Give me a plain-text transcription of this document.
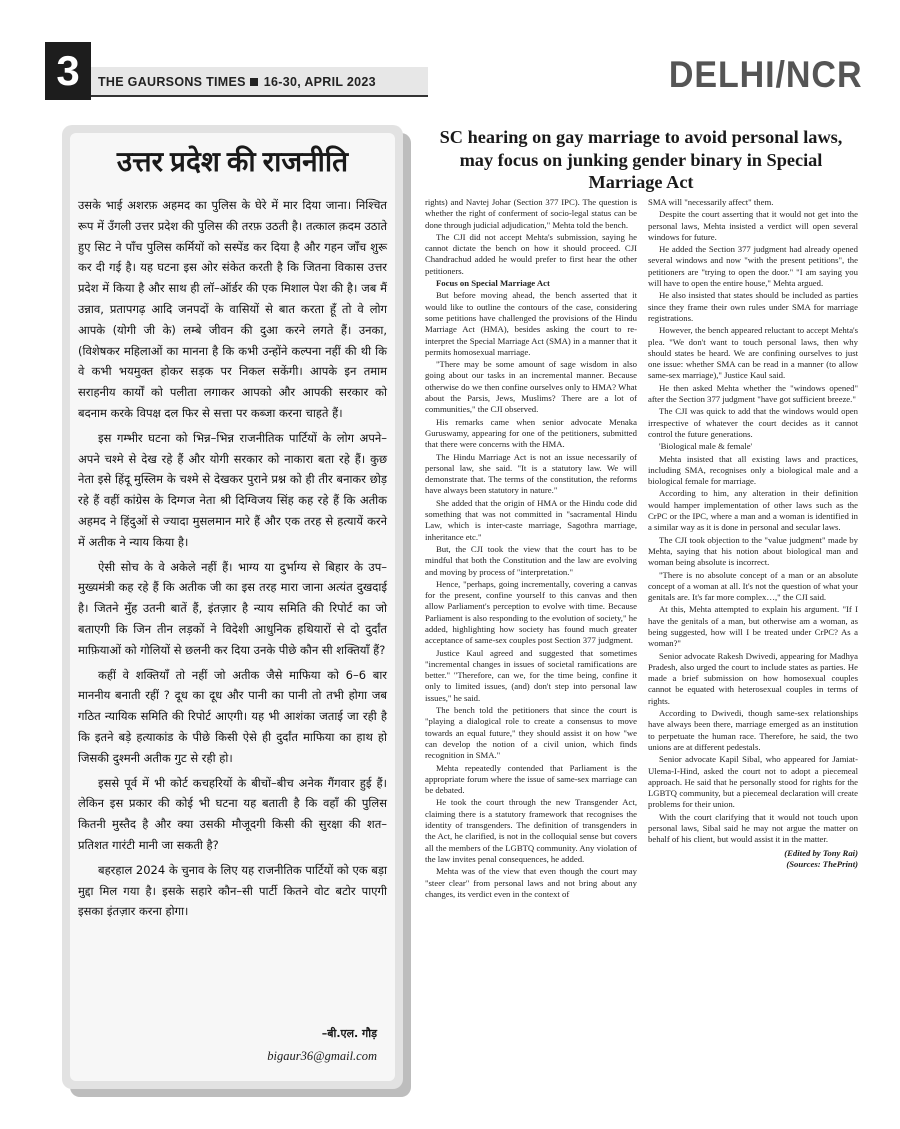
3	THE GAURSONS TIMES 16-30, APRIL 2023	DELHI/NCR
उत्तर प्रदेश की राजनीति

उसके भाई अशरफ़ अहमद का पुलिस के घेरे में मार दिया जाना। निश्चित रूप में उँगली उत्तर प्रदेश की पुलिस की तरफ़ उठती है। तत्काल क़दम उठाते हुए सिट ने पाँच पुलिस कर्मियों को सस्पेंड कर दिया है और गहन जाँच शुरू कर दी गई है। यह घटना इस ओर संकेत करती है कि जितना विकास उत्तर प्रदेश में किया है और साथ ही लॉ–ऑर्डर की एक मिशाल पेश की है। जब मैं उन्नाव, प्रतापगढ़ आदि जनपदों के वासियों से बात करता हूँ तो वे लोग आपके (योगी जी के) लम्बे जीवन की दुआ करने लगते हैं। उनका, (विशेषकर महिलाओं का मानना है कि कभी उन्होंने कल्पना नहीं की थी कि वे कभी भयमुक्त होकर सड़क पर निकल सकेंगी। आपके इन तमाम सराहनीय कार्यों को पलीता लगाकर आपको और आपकी सरकार को बदनाम करके विपक्ष दल फिर से सत्ता पर कब्जा करना चाहते हैं।

इस गम्भीर घटना को भिन्न–भिन्न राजनीतिक पार्टियों के लोग अपने–अपने चश्मे से देख रहे हैं और योगी सरकार को नाकारा बता रहे हैं। कुछ नेता इसे हिंदू मुस्लिम के चश्मे से देखकर पुराने प्रश्न को ही तीर बनाकर छोड़ रहे हैं वहीं कांग्रेस के दिग्गज नेता श्री दिग्विजय सिंह कह रहे हैं कि अतीक अहमद ने हिंदुओं से ज्यादा मुसलमान मारे हैं और एक तरह से हत्यायें करने में अतीक ने न्याय किया है।

ऐसी सोच के वे अकेले नहीं हैं। भाग्य या दुर्भाग्य से बिहार के उप–मुख्यमंत्री कह रहे हैं कि अतीक जी का इस तरह मारा जाना अत्यंत दुखदाई है। जितने मुँह उतनी बातें हैं, इंतज़ार है न्याय समिति की रिपोर्ट का जो बताएगी कि जिन तीन लड़कों ने विदेशी आधुनिक हथियारों से दो दुर्दांत माफ़ियाओं को गोलियों से छलनी कर दिया उनके पीछे कौन सी शक्तियाँ हैं?

कहीं वे शक्तियाँ तो नहीं जो अतीक जैसे माफिया को 6–6 बार माननीय बनाती रहीं ? दूध का दूध और पानी का पानी तो तभी होगा जब गठित न्यायिक समिति की रिपोर्ट आएगी। यह भी आशंका जताई जा रही है कि इतने बड़े हत्याकांड के पीछे किसी ऐसे ही दुर्दांत माफिया का हाथ हो जिसकी दुश्मनी अतीक गुट से रही हो।

इससे पूर्व में भी कोर्ट कचहरियों के बीचों–बीच अनेक गैंगवार हुई हैं। लेकिन इस प्रकार की कोई भी घटना यह बताती है कि वहाँ की पुलिस कितनी मुस्तैद है और क्या उसकी मौजूदगी किसी की सुरक्षा की शत–प्रतिशत गारंटी मानी जा सकती है?

बहरहाल 2024 के चुनाव के लिए यह राजनीतिक पार्टियों को एक बड़ा मुद्दा मिल गया है। इसके सहारे कौन–सी पार्टी कितने वोट बटोर पाएगी इसका इंतज़ार करना होगा।

–बी.एल. गौड़
bigaur36@gmail.com
SC hearing on gay marriage to avoid personal laws, may focus on junking gender binary in Special Marriage Act

rights) and Navtej Johar (Section 377 IPC). The question is whether the right of conferment of socio-legal status can be done through judicial adjudication," Mehta told the bench.

The CJI did not accept Mehta's submission, saying he cannot dictate the bench on how it should proceed. CJI Chandrachud added he would prefer to first hear the other petitioners.

Focus on Special Marriage Act

But before moving ahead, the bench asserted that it would like to outline the contours of the case, considering some petitions have challenged the provisions of the Hindu Marriage Act (HMA), besides asking the court to re-interpret the Special Marriage Act (SMA) in a manner that it permits homosexual marriage.

"There may be some amount of sage wisdom in also going about our tasks in an incremental manner. Because otherwise do we then confine ourselves only to HMA? What about the Parsis, Jews, Muslims? There are a lot of communities," the CJI observed.

His remarks came when senior advocate Menaka Guruswamy, appearing for one of the petitioners, submitted that there were concerns with the HMA.

The Hindu Marriage Act is not an issue necessarily of personal law, she said. "It is a statutory law. We will demonstrate that. The terms of the constitution, the reforms have always been statutory in nature."

She added that the origin of HMA or the Hindu code did something that was not committed in "sacramental Hindu Law, which is inter-caste marriage, Sagothra marriage, inheritance etc."

But, the CJI took the view that the court has to be mindful that both the Constitution and the law are evolving and moving by process of "interpretation."

Hence, "perhaps, going incrementally, covering a canvas for the present, confine yourself to this canvas and then allow Parliament's perception to evolve with time. Because Parliament is also responding to the evolution of society," he added, highlighting how society has found much greater acceptance of same-sex couples post Section 377 judgment.

Justice Kaul agreed and suggested that sometimes "incremental changes in issues of societal ramifications are better." "Therefore, can we, for the time being, confine it only to limited issues, (and) don't step into personal law issues," he said.

The bench told the petitioners that since the court is "playing a dialogical role to create a consensus to move towards an equal future," they should assist it on how "we can develop the notion of a civil union, which finds recognition in SMA."

Mehta repeatedly contended that Parliament is the appropriate forum where the issue of same-sex marriage can be debated.

He took the court through the new Transgender Act, claiming there is a statutory framework that recognises the identity of transgenders. The definition of transgenders in the Act, he clarified, is not in the colloquial sense but covers all the members of the LGBTQ community. Any violation of the law invites penal consequences, he added.

Mehta was of the view that even though the court may "steer clear" from personal laws and not bring about any changes, its verdict even in the context of

SMA will "necessarily affect" them.

Despite the court asserting that it would not get into the personal laws, Mehta insisted a verdict will open several windows for future.

He added the Section 377 judgment had already opened several windows and now "with the present petitions", the petitioners are "trying to open the door." "I am saying you will have to open the entire house," Mehta argued.

He also insisted that states should be included as parties since they frame their own rules under SMA for marriage registrations.

However, the bench appeared reluctant to accept Mehta's plea. "We don't want to touch personal laws, then why should states be heard. We are confining ourselves to just one issue: whether SMA can be read in a manner (to allow same-sex marriage)," Justice Kaul said.

He then asked Mehta whether the "windows opened" after the Section 377 judgment "have got sufficient breeze."

The CJI was quick to add that the windows would open irrespective of whatever the court decides as it cannot control the future generations.

'Biological male & female'

Mehta insisted that all existing laws and practices, including SMA, recognises only a biological male and a biological female for marriage.

According to him, any alteration in their definition would hamper implementation of other laws such as the CrPC or the IPC, where a man and a woman is identified in a similar way as it is done in personal and secular laws.

The CJI took objection to the "value judgment" made by Mehta, saying that his notion about biological man and woman being absolute is incorrect.

"There is no absolute concept of a man or an absolute concept of a woman at all. It's not the question of what your genitals are. It's far more complex…," the CJI said.

At this, Mehta attempted to explain his argument. "If I have the genitals of a man, but otherwise am a woman, as being suggested, how will I be treated under CrPC? As a woman?"

Senior advocate Rakesh Dwivedi, appearing for Madhya Pradesh, also urged the court to include states as parties. He made a brief submission on how homosexual couples cannot be equated with heterosexual couples in terms of rights.

According to Dwivedi, though same-sex relationships have always been there, marriage emerged as an institution to perpetuate the human race. Therefore, he said, the two unions are at different pedestals.

Senior advocate Kapil Sibal, who appeared for Jamiat-Ulema-I-Hind, asked the court not to adopt a piecemeal approach. He said that he personally stood for rights for the LGBTQ community, but a piecemeal declaration will create problems for their union.

With the court clarifying that it would not touch upon personal laws, Sibal said he may not argue the matter on behalf of his client, but would assist it in the matter.

(Edited by Tony Rai)
(Sources: ThePrint)
